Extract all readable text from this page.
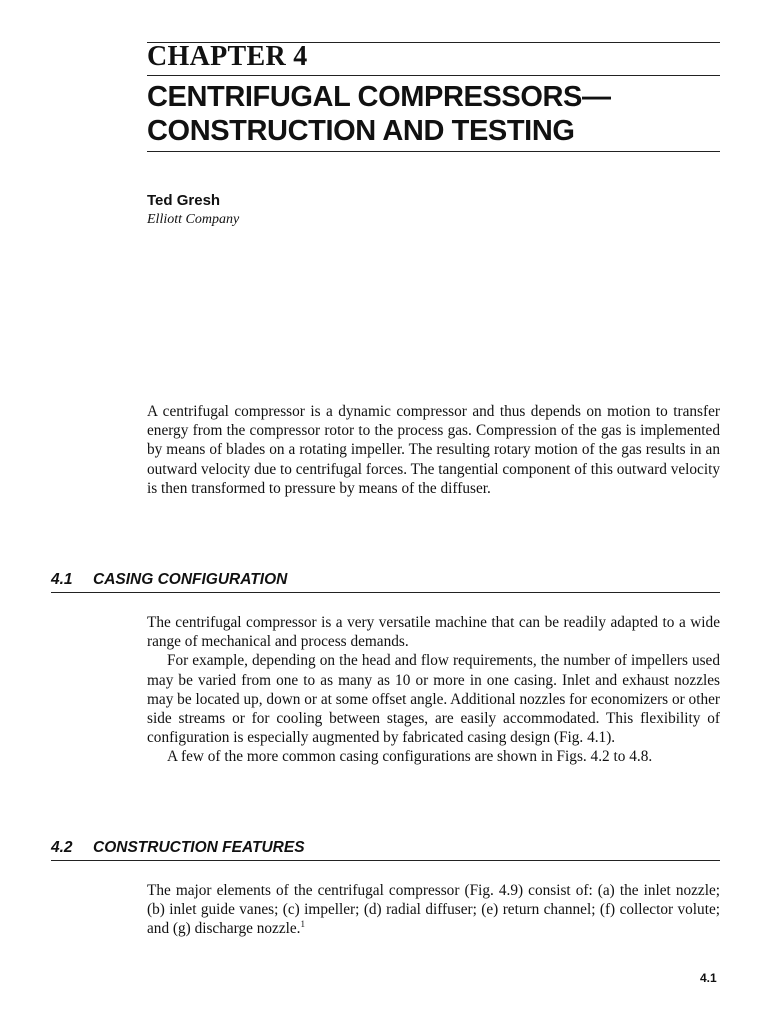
CHAPTER 4
CENTRIFUGAL COMPRESSORS—
CONSTRUCTION AND TESTING
Ted Gresh
Elliott Company

A centrifugal compressor is a dynamic compressor and thus depends on motion to transfer energy from the compressor rotor to the process gas. Compression of the gas is implemented by means of blades on a rotating impeller. The resulting rotary motion of the gas results in an outward velocity due to centrifugal forces. The tangential component of this outward velocity is then transformed to pressure by means of the diffuser.

4.1 CASING CONFIGURATION

The centrifugal compressor is a very versatile machine that can be readily adapted to a wide range of mechanical and process demands.

For example, depending on the head and flow requirements, the number of impellers used may be varied from one to as many as 10 or more in one casing. Inlet and exhaust nozzles may be located up, down or at some offset angle. Additional nozzles for economizers or other side streams or for cooling between stages, are easily accommodated. This flexibility of configuration is especially augmented by fabricated casing design (Fig. 4.1).

A few of the more common casing configurations are shown in Figs. 4.2 to 4.8.

4.2 CONSTRUCTION FEATURES

The major elements of the centrifugal compressor (Fig. 4.9) consist of: (a) the inlet nozzle; (b) inlet guide vanes; (c) impeller; (d) radial diffuser; (e) return channel; (f) collector volute; and (g) discharge nozzle.$^1$

4.1
